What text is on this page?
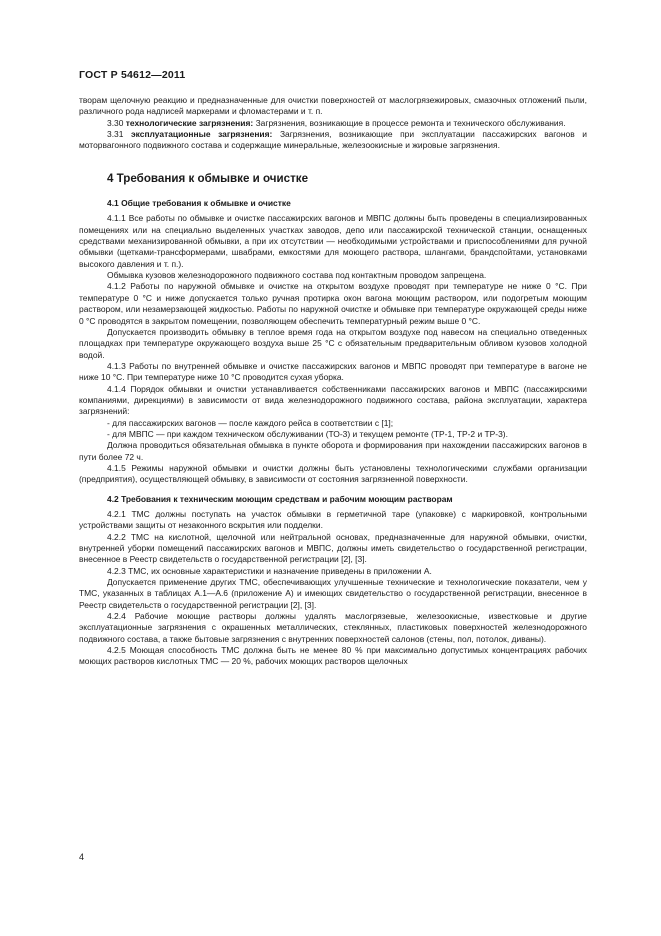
ГОСТ Р 54612—2011

творам щелочную реакцию и предназначенные для очистки поверхностей от маслогрязежировых, смазочных отложений пыли, различного рода надписей маркерами и фломастерами и т. п.

3.30 технологические загрязнения: Загрязнения, возникающие в процессе ремонта и технического обслуживания.

3.31 эксплуатационные загрязнения: Загрязнения, возникающие при эксплуатации пассажирских вагонов и моторвагонного подвижного состава и содержащие минеральные, железоокисные и жировые загрязнения.

4 Требования к обмывке и очистке

4.1 Общие требования к обмывке и очистке

4.1.1 Все работы по обмывке и очистке пассажирских вагонов и МВПС должны быть проведены в специализированных помещениях или на специально выделенных участках заводов, депо или пассажирской технической станции, оснащенных средствами механизированной обмывки, а при их отсутствии — необходимыми устройствами и приспособлениями для ручной обмывки (щетками-трансформерами, швабрами, емкостями для моющего раствора, шлангами, брандспойтами, установками высокого давления и т. п.).

Обмывка кузовов железнодорожного подвижного состава под контактным проводом запрещена.

4.1.2 Работы по наружной обмывке и очистке на открытом воздухе проводят при температуре не ниже 0 °С. При температуре 0 °С и ниже допускается только ручная протирка окон вагона моющим раствором, или подогретым моющим раствором, или незамерзающей жидкостью. Работы по наружной очистке и обмывке при температуре окружающей среды ниже 0 °С проводятся в закрытом помещении, позволяющем обеспечить температурный режим выше 0 °С.

Допускается производить обмывку в теплое время года на открытом воздухе под навесом на специально отведенных площадках при температуре окружающего воздуха выше 25 °С с обязательным предварительным обливом кузовов холодной водой.

4.1.3 Работы по внутренней обмывке и очистке пассажирских вагонов и МВПС проводят при температуре в вагоне не ниже 10 °С. При температуре ниже 10 °С проводится сухая уборка.

4.1.4 Порядок обмывки и очистки устанавливается собственниками пассажирских вагонов и МВПС (пассажирскими компаниями, дирекциями) в зависимости от вида железнодорожного подвижного состава, района эксплуатации, характера загрязнений:

- для пассажирских вагонов — после каждого рейса в соответствии с [1];

- для МВПС — при каждом техническом обслуживании (ТО-3) и текущем ремонте (ТР-1, ТР-2 и ТР-3).

Должна проводиться обязательная обмывка в пункте оборота и формирования при нахождении пассажирских вагонов в пути более 72 ч.

4.1.5 Режимы наружной обмывки и очистки должны быть установлены технологическими службами организации (предприятия), осуществляющей обмывку, в зависимости от состояния загрязненной поверхности.

4.2 Требования к техническим моющим средствам и рабочим моющим растворам

4.2.1 ТМС должны поступать на участок обмывки в герметичной таре (упаковке) с маркировкой, контрольными устройствами защиты от незаконного вскрытия или подделки.

4.2.2 ТМС на кислотной, щелочной или нейтральной основах, предназначенные для наружной обмывки, очистки, внутренней уборки помещений пассажирских вагонов и МВПС, должны иметь свидетельство о государственной регистрации, внесенное в Реестр свидетельств о государственной регистрации [2], [3].

4.2.3 ТМС, их основные характеристики и назначение приведены в приложении А.

Допускается применение других ТМС, обеспечивающих улучшенные технические и технологические показатели, чем у ТМС, указанных в таблицах А.1—А.6 (приложение А) и имеющих свидетельство о государственной регистрации, внесенное в Реестр свидетельств о государственной регистрации [2], [3].

4.2.4 Рабочие моющие растворы должны удалять маслогрязевые, железоокисные, известковые и другие эксплуатационные загрязнения с окрашенных металлических, стеклянных, пластиковых поверхностей железнодорожного подвижного состава, а также бытовые загрязнения с внутренних поверхностей салонов (стены, пол, потолок, диваны).

4.2.5 Моющая способность ТМС должна быть не менее 80 % при максимально допустимых концентрациях рабочих моющих растворов кислотных ТМС — 20 %, рабочих моющих растворов щелочных

4
